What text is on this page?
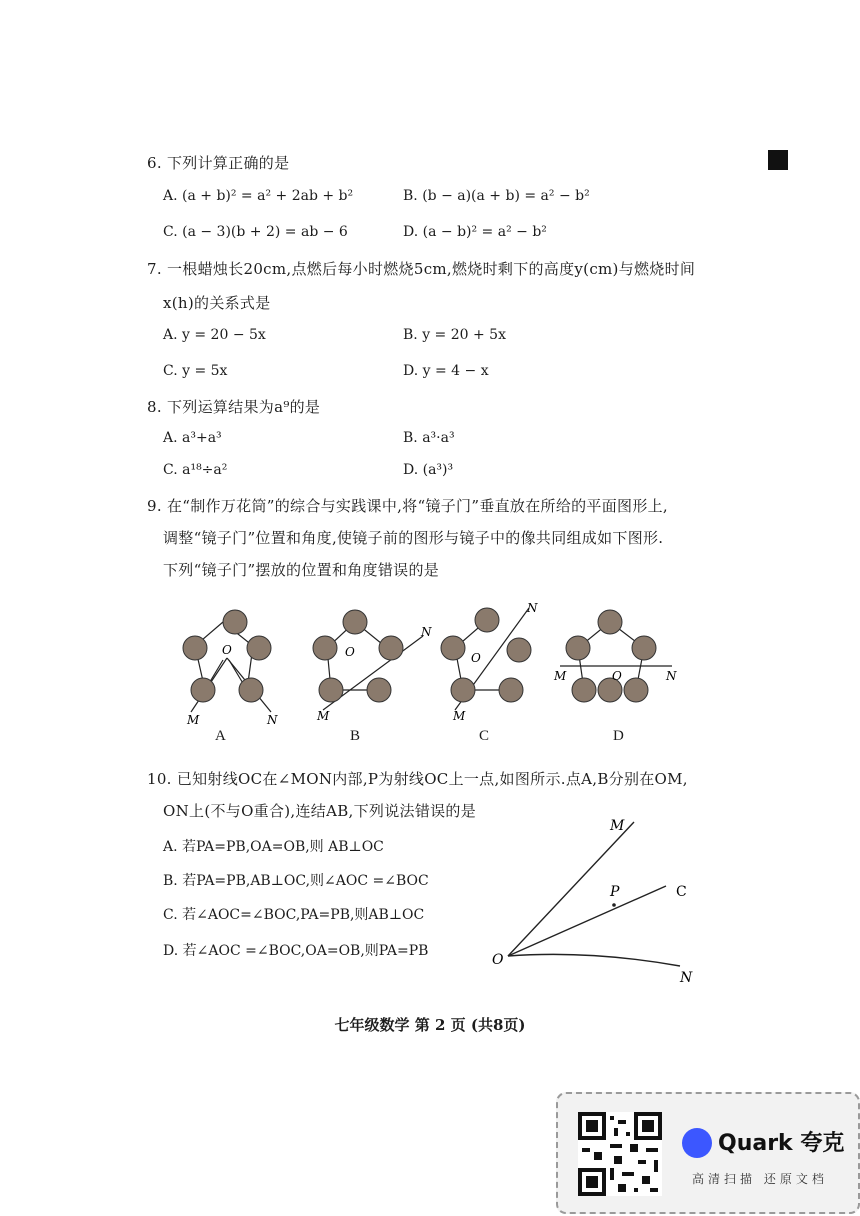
6. 下列计算正确的是
A. (a + b)² = a² + 2ab + b²	B. (b − a)(a + b) = a² − b²
C. (a − 3)(b + 2) = ab − 6	D. (a − b)² = a² − b²
7. 一根蜡烛长20cm,点燃后每小时燃烧5cm,燃烧时剩下的高度y(cm)与燃烧时间
x(h)的关系式是
A. y = 20 − 5x	B. y = 20 + 5x
C. y = 5x	D. y = 4 − x
8. 下列运算结果为a⁹的是
A. a³+a³	B. a³·a³
C. a¹⁸÷a²	D. (a³)³
9. 在“制作万花筒”的综合与实践课中,将“镜子门”垂直放在所给的平面图形上,
调整“镜子门”位置和角度,使镜子前的图形与镜子中的像共同组成如下图形.
下列“镜子门”摆放的位置和角度错误的是
O
M	N
A
O
M
N
B
O
M
N
C
O
M	N
D
10. 已知射线OC在∠MON内部,P为射线OC上一点,如图所示.点A,B分别在OM,
ON上(不与O重合),连结AB,下列说法错误的是
A. 若PA=PB,OA=OB,则 AB⊥OC
B. 若PA=PB,AB⊥OC,则∠AOC =∠BOC
C. 若∠AOC=∠BOC,PA=PB,则AB⊥OC
D. 若∠AOC =∠BOC,OA=OB,则PA=PB
M
P	C
O
N
七年级数学 第 2 页 (共8页)
Quark 夸克
高清扫描 还原文档
